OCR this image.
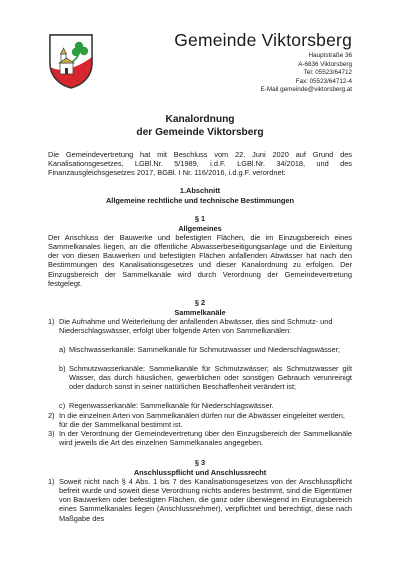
Gemeinde Viktorsberg
Hauptstraße 36
A-6836 Viktorsberg
Tel: 05523/64712
Fax: 05523/64712-4
E-Mail gemeinde@viktorsberg.at
Kanalordnung
der Gemeinde Viktorsberg
Die Gemeindevertretung hat mit Beschluss vom 22. Juni 2020 auf Grund des Kanalisationsgesetzes, LGBl.Nr. 5/1989, i.d.F. LGBl.Nr. 34/2018, und des Finanzausgleichsgesetzes 2017, BGBl. I Nr. 116/2016, i.d.g.F. verordnet:
1.Abschnitt
Allgemeine rechtliche und technische Bestimmungen
§ 1
Allgemeines
Der Anschluss der Bauwerke und befestigten Flächen, die im Einzugsbereich eines Sammelkanales liegen, an die öffentliche Abwasserbeseitigungsanlage und die Einleitung der von diesen Bauwerken und befestigten Flächen anfallenden Abwässer hat nach den Bestimmungen des Kanalisationsgesetzes und dieser Kanalordnung zu erfolgen. Der Einzugsbereich der Sammelkanäle wird durch Verordnung der Gemeindevertretung festgelegt.
§ 2
Sammelkanäle
1) Die Aufnahme und Weiterleitung der anfallenden Abwässer, dies sind Schmutz- und Niederschlagswässer, erfolgt über folgende Arten von Sammelkanälen:
a) Mischwasserkanäle: Sammelkanäle für Schmutzwasser und Niederschlagswässer;
b) Schmutzwasserkanäle: Sammelkanäle für Schmutzwässer; als Schmutzwasser gilt Wasser, das durch häuslichen, gewerblichen oder sonstigen Gebrauch verunreinigt oder dadurch sonst in seiner natürlichen Beschaffenheit verändert ist;
c) Regenwasserkanäle: Sammelkanäle für Niederschlagswässer.
2) In die einzelnen Arten von Sammelkanälen dürfen nur die Abwässer eingeleitet werden, für die der Sammelkanal bestimmt ist.
3) In der Verordnung der Gemeindevertretung über den Einzugsbereich der Sammelkanäle wird jeweils die Art des einzelnen Sammelkanales angegeben.
§ 3
Anschlusspflicht und Anschlussrecht
1) Soweit nicht nach § 4 Abs. 1 bis 7 des Kanalisationsgesetzes von der Anschlusspflicht befreit wurde und soweit diese Verordnung nichts anderes bestimmt, sind die Eigentümer von Bauwerken oder befestigten Flächen, die ganz oder überwiegend im Einzugsbereich eines Sammelkanales liegen (Anschlussnehmer), verpflichtet und berechtigt, diese nach Maßgabe des
